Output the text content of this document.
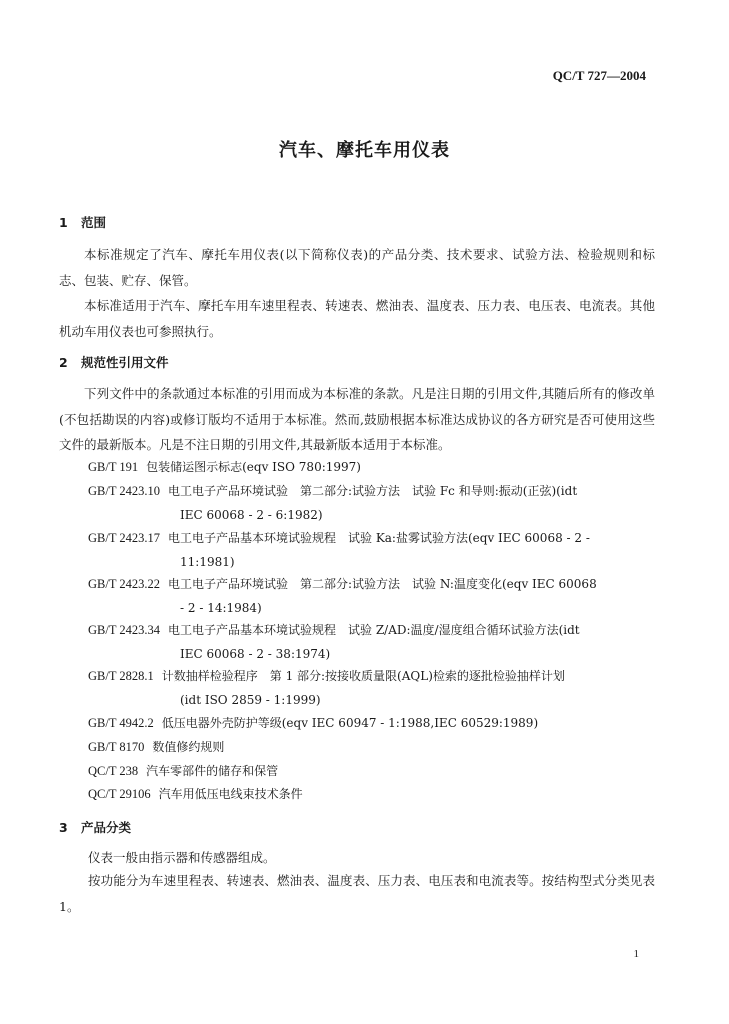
QC/T 727—2004
汽车、摩托车用仪表
1 范围
本标准规定了汽车、摩托车用仪表(以下简称仪表)的产品分类、技术要求、试验方法、检验规则和标志、包装、贮存、保管。
本标准适用于汽车、摩托车用车速里程表、转速表、燃油表、温度表、压力表、电压表、电流表。其他机动车用仪表也可参照执行。
2 规范性引用文件
下列文件中的条款通过本标准的引用而成为本标准的条款。凡是注日期的引用文件,其随后所有的修改单(不包括勘误的内容)或修订版均不适用于本标准。然而,鼓励根据本标准达成协议的各方研究是否可使用这些文件的最新版本。凡是不注日期的引用文件,其最新版本适用于本标准。
GB/T 191 包装储运图示标志(eqv ISO 780:1997)
GB/T 2423.10 电工电子产品环境试验　第二部分:试验方法　试验 Fc 和导则:振动(正弦)(idt
IEC 60068 - 2 - 6:1982)
GB/T 2423.17 电工电子产品基本环境试验规程　试验 Ka:盐雾试验方法(eqv IEC 60068 - 2 -
11:1981)
GB/T 2423.22 电工电子产品环境试验　第二部分:试验方法　试验 N:温度变化(eqv IEC 60068
- 2 - 14:1984)
GB/T 2423.34 电工电子产品基本环境试验规程　试验 Z/AD:温度/湿度组合循环试验方法(idt
IEC 60068 - 2 - 38:1974)
GB/T 2828.1 计数抽样检验程序　第 1 部分:按接收质量限(AQL)检索的逐批检验抽样计划
(idt ISO 2859 - 1:1999)
GB/T 4942.2 低压电器外壳防护等级(eqv IEC 60947 - 1:1988,IEC 60529:1989)
GB/T 8170 数值修约规则
QC/T 238 汽车零部件的储存和保管
QC/T 29106 汽车用低压电线束技术条件
3 产品分类
仪表一般由指示器和传感器组成。
按功能分为车速里程表、转速表、燃油表、温度表、压力表、电压表和电流表等。按结构型式分类见表 1。
1
